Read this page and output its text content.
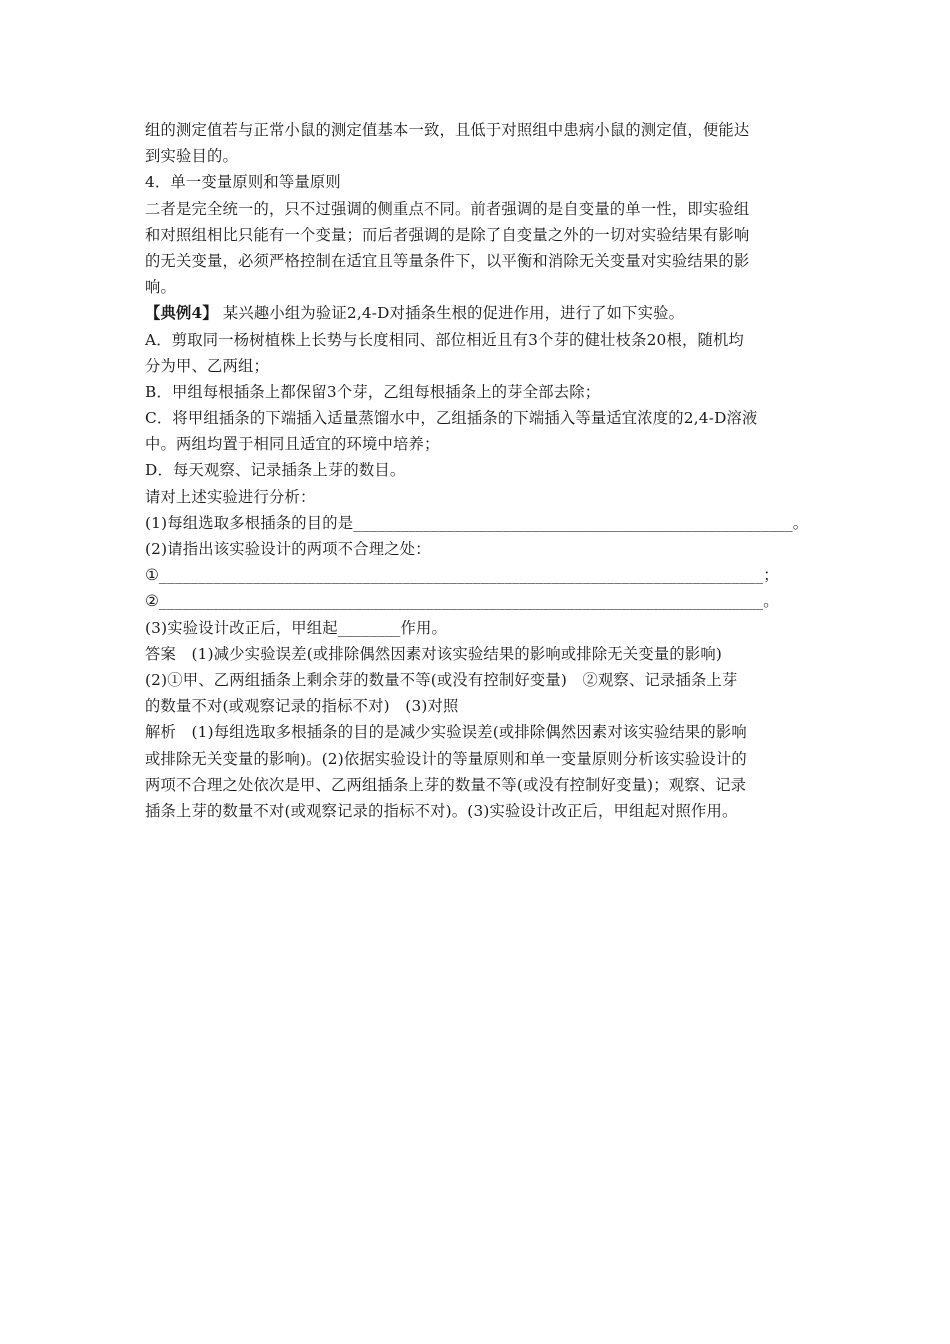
组的测定值若与正常小鼠的测定值基本一致，且低于对照组中患病小鼠的测定值，便能达
到实验目的。
4．单一变量原则和等量原则
二者是完全统一的，只不过强调的侧重点不同。前者强调的是自变量的单一性，即实验组
和对照组相比只能有一个变量；而后者强调的是除了自变量之外的一切对实验结果有影响
的无关变量，必须严格控制在适宜且等量条件下，以平衡和消除无关变量对实验结果的影
响。
【典例4】 某兴趣小组为验证2,4-D对插条生根的促进作用，进行了如下实验。
A．剪取同一杨树植株上长势与长度相同、部位相近且有3个芽的健壮枝条20根，随机均
分为甲、乙两组；
B．甲组每根插条上都保留3个芽，乙组每根插条上的芽全部去除；
C．将甲组插条的下端插入适量蒸馏水中，乙组插条的下端插入等量适宜浓度的2,4-D溶液
中。两组均置于相同且适宜的环境中培养；
D．每天观察、记录插条上芽的数目。
请对上述实验进行分析：
(1)每组选取多根插条的目的是________________________________________________________。
(2)请指出该实验设计的两项不合理之处：
①_____________________________________________________________________________；
②_____________________________________________________________________________。
(3)实验设计改正后，甲组起________作用。
答案　(1)减少实验误差(或排除偶然因素对该实验结果的影响或排除无关变量的影响)
(2)①甲、乙两组插条上剩余芽的数量不等(或没有控制好变量)　②观察、记录插条上芽
的数量不对(或观察记录的指标不对)　(3)对照
解析　(1)每组选取多根插条的目的是减少实验误差(或排除偶然因素对该实验结果的影响
或排除无关变量的影响)。(2)依据实验设计的等量原则和单一变量原则分析该实验设计的
两项不合理之处依次是甲、乙两组插条上芽的数量不等(或没有控制好变量)；观察、记录
插条上芽的数量不对(或观察记录的指标不对)。(3)实验设计改正后，甲组起对照作用。
